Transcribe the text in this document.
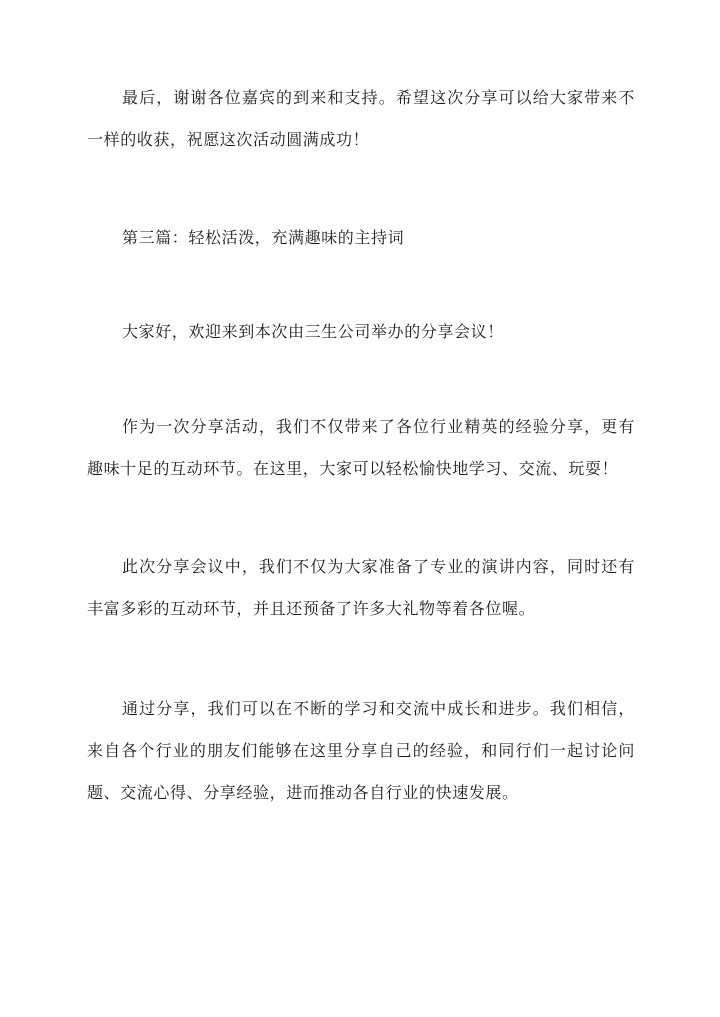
最后，谢谢各位嘉宾的到来和支持。希望这次分享可以给大家带来不一样的收获，祝愿这次活动圆满成功！

第三篇：轻松活泼，充满趣味的主持词

大家好，欢迎来到本次由三生公司举办的分享会议！

作为一次分享活动，我们不仅带来了各位行业精英的经验分享，更有趣味十足的互动环节。在这里，大家可以轻松愉快地学习、交流、玩耍！

此次分享会议中，我们不仅为大家准备了专业的演讲内容，同时还有丰富多彩的互动环节，并且还预备了许多大礼物等着各位喔。

通过分享，我们可以在不断的学习和交流中成长和进步。我们相信，来自各个行业的朋友们能够在这里分享自己的经验，和同行们一起讨论问题、交流心得、分享经验，进而推动各自行业的快速发展。
